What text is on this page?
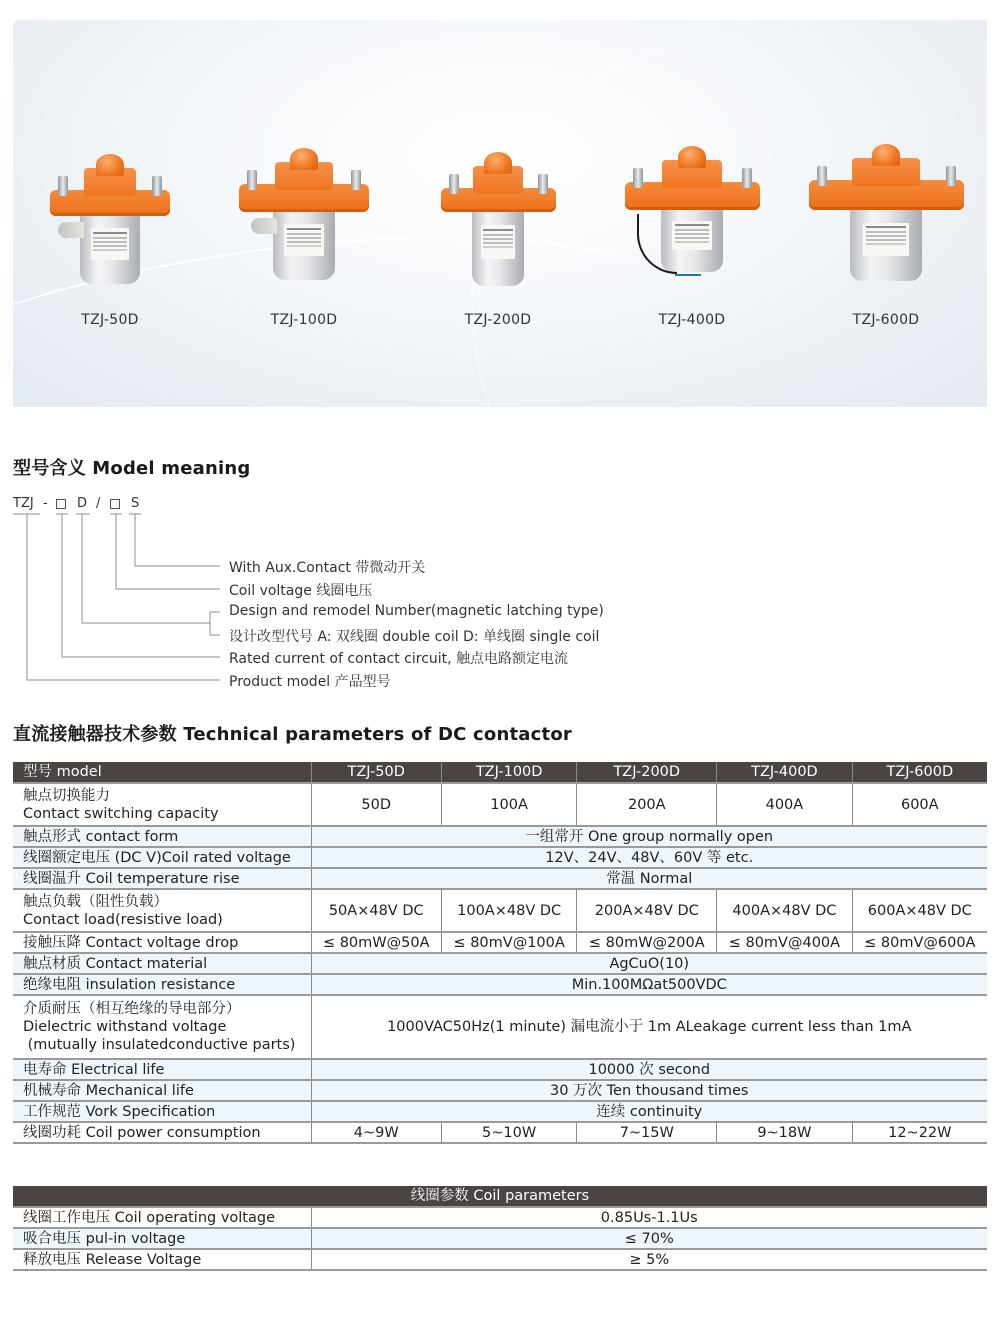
TZJ-50D	TZJ-100D	TZJ-200D	TZJ-400D	TZJ-600D
型号含义 Model meaning
TZJ - D / S
With Aux.Contact 带微动开关
Coil voltage 线圈电压
Design and remodel Number(magnetic latching type)
设计改型代号 A: 双线圈 double coil D: 单线圈 single coil
Rated current of contact circuit, 触点电路额定电流
Product model 产品型号
直流接触器技术参数 Technical parameters of DC contactor
型号 model	TZJ-50D	TZJ-100D	TZJ-200D	TZJ-400D	TZJ-600D

触点切换能力
Contact switching capacity	50D	100A	200A	400A	600A

触点形式 contact form	一组常开 One group normally open				

线圈额定电压 (DC V)Coil rated voltage	12V、24V、48V、60V 等 etc.				

线圈温升 Coil temperature rise	常温 Normal				

触点负载（阻性负载）
Contact load(resistive load)	50A×48V DC	100A×48V DC	200A×48V DC	400A×48V DC	600A×48V DC

接触压降 Contact voltage drop	≤ 80mW@50A	≤ 80mV@100A	≤ 80mW@200A	≤ 80mV@400A	≤ 80mV@600A

触点材质 Contact material	AgCuO(10)				

绝缘电阻 insulation resistance	Min.100MΩat500VDC				

介质耐压（相互绝缘的导电部分）
Dielectric withstand voltage
(mutually insulatedconductive parts)	1000VAC50Hz(1 minute) 漏电流小于 1m ALeakage current less than 1mA				

电寿命 Electrical life	10000 次 second				

机械寿命 Mechanical life	30 万次 Ten thousand times				

工作规范 Vork Specification	连续 continuity				

线圈功耗 Coil power consumption	4~9W	5~10W	7~15W	9~18W	12~22W
线圈参数 Coil parameters	
线圈工作电压 Coil operating voltage	0.85Us-1.1Us
吸合电压 pul-in voltage	≤ 70%
释放电压 Release Voltage	≥ 5%
